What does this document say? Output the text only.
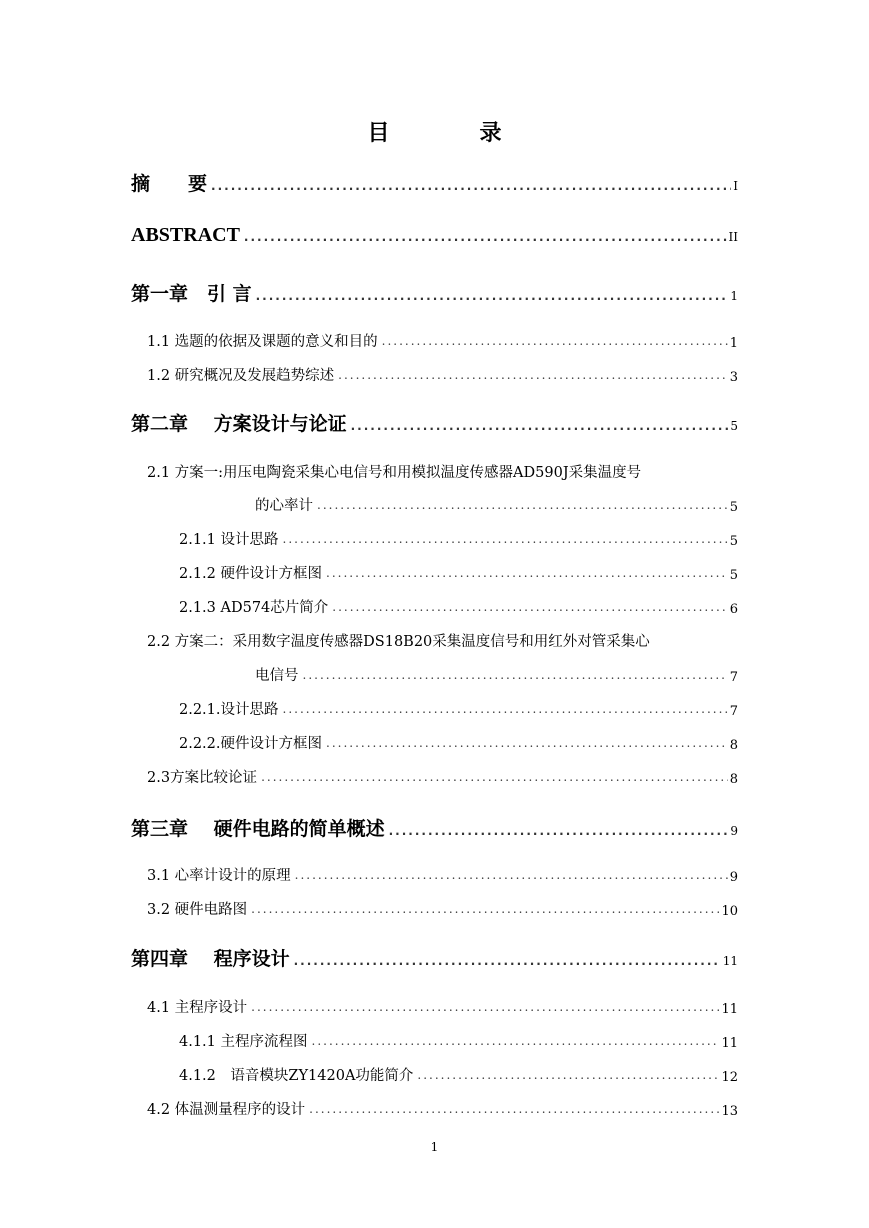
目　录
摘　　要 .....	I
ABSTRACT .....	II
第一章　引 言 .....	1
1.1 选题的依据及课题的意义和目的 .....	1
1.2 研究概况及发展趋势综述 .....	3
第二章　 方案设计与论证 .....	5
2.1 方案一:用压电陶瓷采集心电信号和用模拟温度传感器AD590J采集温度号
的心率计 .....	5
2.1.1 设计思路 .....	5
2.1.2 硬件设计方框图 .....	5
2.1.3 AD574芯片简介 .....	6
2.2 方案二：采用数字温度传感器DS18B20采集温度信号和用红外对管采集心
电信号 .....	7
2.2.1.设计思路 .....	7
2.2.2.硬件设计方框图 .....	8
2.3方案比较论证 .....	8
第三章　 硬件电路的简单概述 .....	9
3.1 心率计设计的原理 .....	9
3.2 硬件电路图 .....	10
第四章　 程序设计 .....	11
4.1 主程序设计 .....	11
4.1.1 主程序流程图 .....	11
4.1.2　语音模块ZY1420A功能简介 .....	12
4.2 体温测量程序的设计 .....	13
1
